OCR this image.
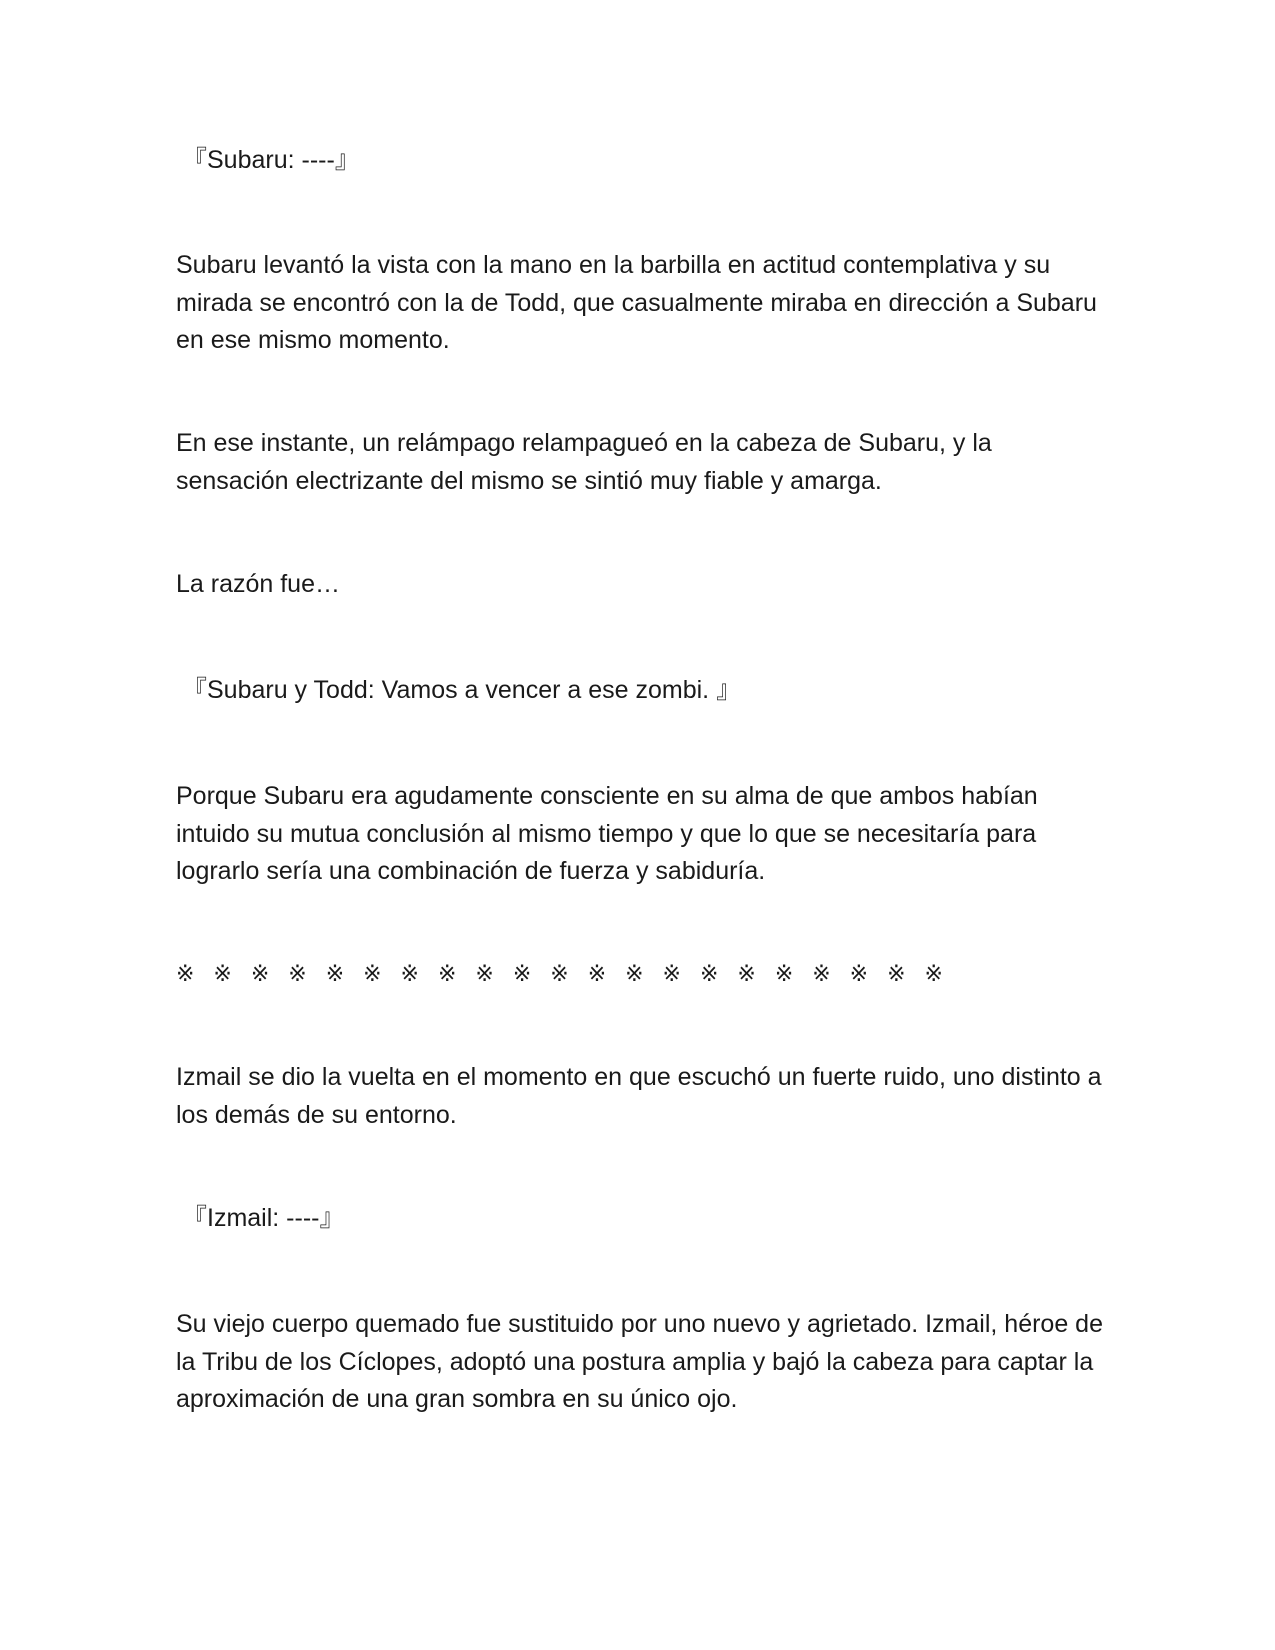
『Subaru: ----』

Subaru levantó la vista con la mano en la barbilla en actitud contemplativa y su mirada se encontró con la de Todd, que casualmente miraba en dirección a Subaru en ese mismo momento.

En ese instante, un relámpago relampagueó en la cabeza de Subaru, y la sensación electrizante del mismo se sintió muy fiable y amarga.

La razón fue…

『Subaru y Todd: Vamos a vencer a ese zombi. 』

Porque Subaru era agudamente consciente en su alma de que ambos habían intuido su mutua conclusión al mismo tiempo y que lo que se necesitaría para lograrlo sería una combinación de fuerza y sabiduría.

※ ※ ※ ※ ※ ※ ※ ※ ※ ※ ※ ※ ※ ※ ※ ※ ※ ※ ※ ※ ※

Izmail se dio la vuelta en el momento en que escuchó un fuerte ruido, uno distinto a los demás de su entorno.

『Izmail: ----』

Su viejo cuerpo quemado fue sustituido por uno nuevo y agrietado. Izmail, héroe de la Tribu de los Cíclopes, adoptó una postura amplia y bajó la cabeza para captar la aproximación de una gran sombra en su único ojo.
